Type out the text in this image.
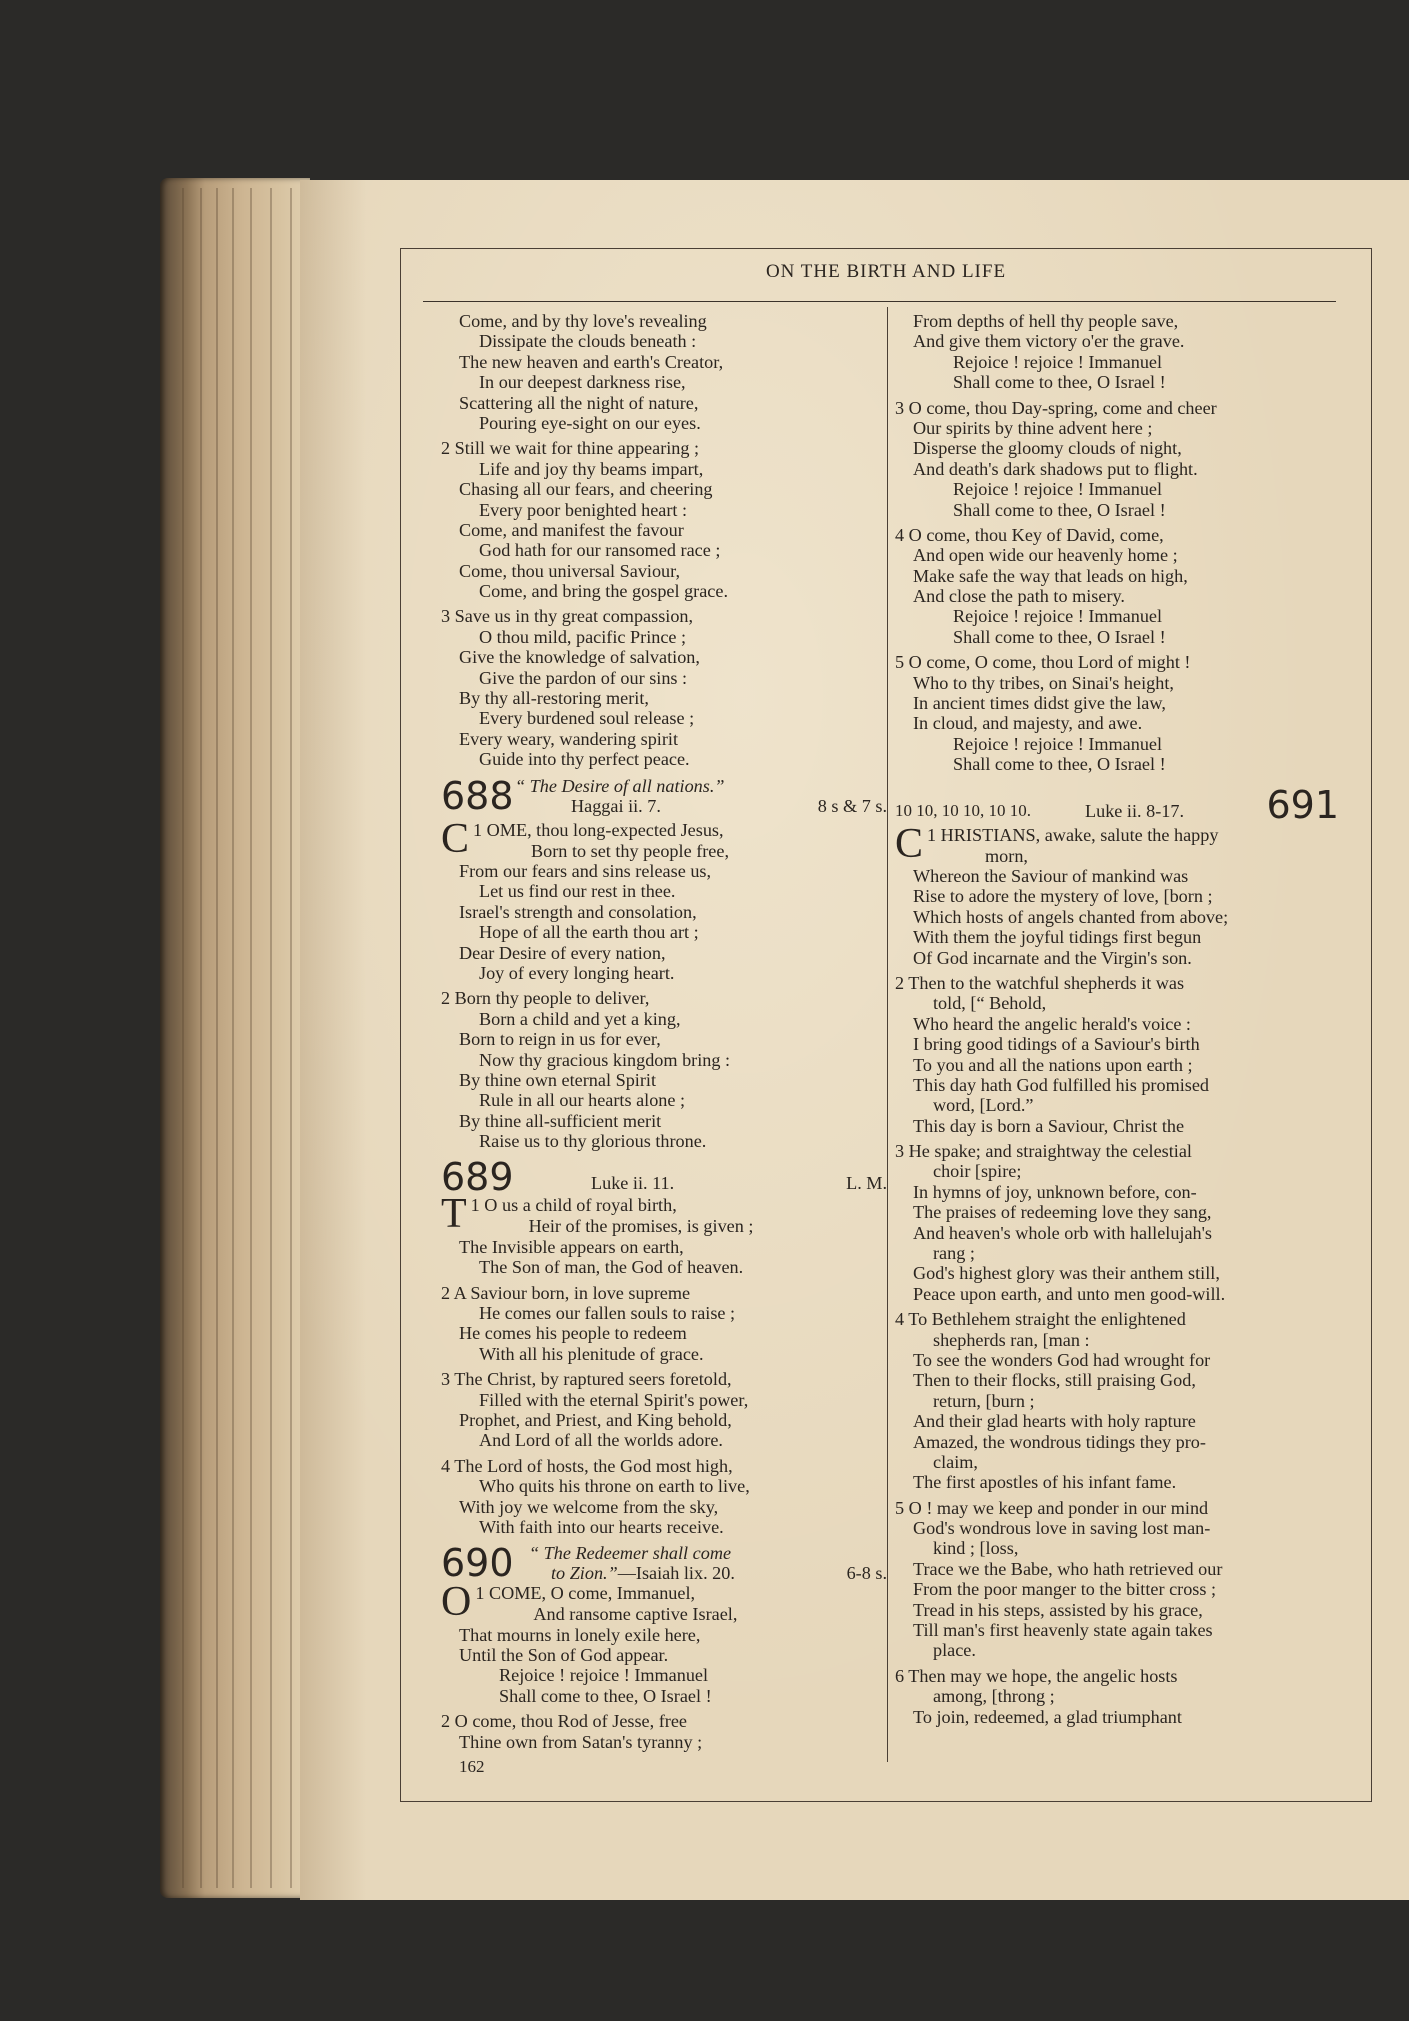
ON THE BIRTH AND LIFE
Come, and by thy love's revealing
Dissipate the clouds beneath :
The new heaven and earth's Creator,
In our deepest darkness rise,
Scattering all the night of nature,
Pouring eye-sight on our eyes.
2 Still we wait for thine appearing ;
Life and joy thy beams impart,
Chasing all our fears, and cheering
Every poor benighted heart :
Come, and manifest the favour
God hath for our ransomed race ;
Come, thou universal Saviour,
Come, and bring the gospel grace.
3 Save us in thy great compassion,
O thou mild, pacific Prince ;
Give the knowledge of salvation,
Give the pardon of our sins :
By thy all-restoring merit,
Every burdened soul release ;
Every weary, wandering spirit
Guide into thy perfect peace.
688 “ The Desire of all nations.”
Haggai ii. 7.	8 s & 7 s.
1
C OME, thou long-expected Jesus,
Born to set thy people free,
From our fears and sins release us,
Let us find our rest in thee.
Israel's strength and consolation,
Hope of all the earth thou art ;
Dear Desire of every nation,
Joy of every longing heart.
2 Born thy people to deliver,
Born a child and yet a king,
Born to reign in us for ever,
Now thy gracious kingdom bring :
By thine own eternal Spirit
Rule in all our hearts alone ;
By thine all-sufficient merit
Raise us to thy glorious throne.
689	Luke ii. 11.	L. M.
1
T O us a child of royal birth,
Heir of the promises, is given ;
The Invisible appears on earth,
The Son of man, the God of heaven.
2 A Saviour born, in love supreme
He comes our fallen souls to raise ;
He comes his people to redeem
With all his plenitude of grace.
3 The Christ, by raptured seers foretold,
Filled with the eternal Spirit's power,
Prophet, and Priest, and King behold,
And Lord of all the worlds adore.
4 The Lord of hosts, the God most high,
Who quits his throne on earth to live,
With joy we welcome from the sky,
With faith into our hearts receive.
690 “ The Redeemer shall come
to Zion.”—Isaiah lix. 20.	6-8 s.
1
O COME, O come, Immanuel,
And ransome captive Israel,
That mourns in lonely exile here,
Until the Son of God appear.
Rejoice ! rejoice ! Immanuel
Shall come to thee, O Israel !
2 O come, thou Rod of Jesse, free
Thine own from Satan's tyranny ;
162
From depths of hell thy people save,
And give them victory o'er the grave.
Rejoice ! rejoice ! Immanuel
Shall come to thee, O Israel !
3 O come, thou Day-spring, come and cheer
Our spirits by thine advent here ;
Disperse the gloomy clouds of night,
And death's dark shadows put to flight.
Rejoice ! rejoice ! Immanuel
Shall come to thee, O Israel !
4 O come, thou Key of David, come,
And open wide our heavenly home ;
Make safe the way that leads on high,
And close the path to misery.
Rejoice ! rejoice ! Immanuel
Shall come to thee, O Israel !
5 O come, O come, thou Lord of might !
Who to thy tribes, on Sinai's height,
In ancient times didst give the law,
In cloud, and majesty, and awe.
Rejoice ! rejoice ! Immanuel
Shall come to thee, O Israel !
10 10, 10 10, 10 10.	Luke ii. 8-17. 691
1
C HRISTIANS, awake, salute the happy
morn,
Whereon the Saviour of mankind was
Rise to adore the mystery of love, [born ;
Which hosts of angels chanted from above;
With them the joyful tidings first begun
Of God incarnate and the Virgin's son.
2 Then to the watchful shepherds it was
told, [“ Behold,
Who heard the angelic herald's voice :
I bring good tidings of a Saviour's birth
To you and all the nations upon earth ;
This day hath God fulfilled his promised
word, [Lord.”
This day is born a Saviour, Christ the
3 He spake; and straightway the celestial
choir [spire;
In hymns of joy, unknown before, con-
The praises of redeeming love they sang,
And heaven's whole orb with hallelujah's
rang ;
God's highest glory was their anthem still,
Peace upon earth, and unto men good-will.
4 To Bethlehem straight the enlightened
shepherds ran, [man :
To see the wonders God had wrought for
Then to their flocks, still praising God,
return, [burn ;
And their glad hearts with holy rapture
Amazed, the wondrous tidings they pro-
claim,
The first apostles of his infant fame.
5 O ! may we keep and ponder in our mind
God's wondrous love in saving lost man-
kind ; [loss,
Trace we the Babe, who hath retrieved our
From the poor manger to the bitter cross ;
Tread in his steps, assisted by his grace,
Till man's first heavenly state again takes
place.
6 Then may we hope, the angelic hosts
among, [throng ;
To join, redeemed, a glad triumphant
